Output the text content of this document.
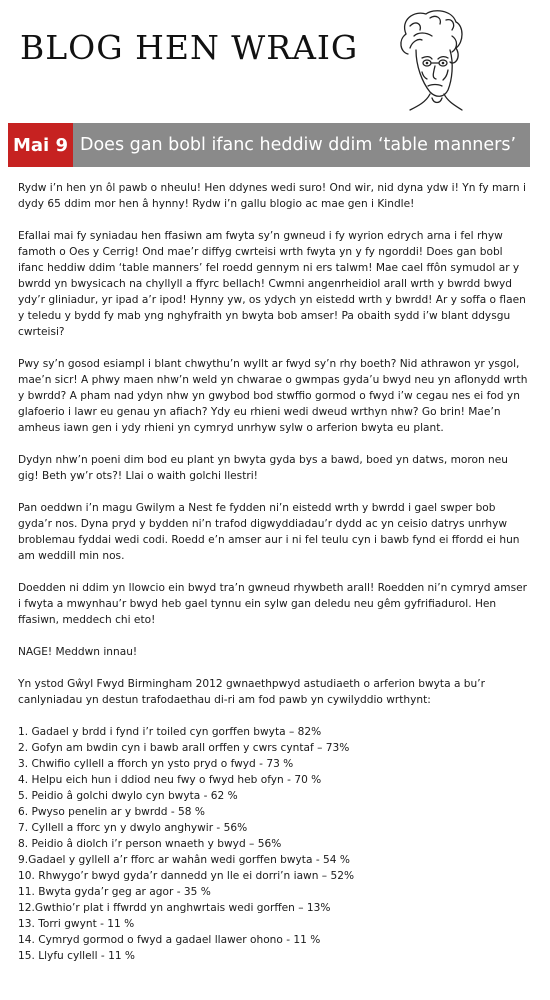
BLOG HEN WRAIG
Mai 9 Does gan bobl ifanc heddiw ddim ‘table manners’

Rydw i’n hen yn ôl pawb o nheulu! Hen ddynes wedi suro! Ond wir, nid dyna ydw i! Yn fy marn i dydy 65 ddim mor hen â hynny! Rydw i’n gallu blogio ac mae gen i Kindle!

Efallai mai fy syniadau hen ffasiwn am fwyta sy’n gwneud i fy wyrion edrych arna i fel rhyw famoth o Oes y Cerrig! Ond mae’r diffyg cwrteisi wrth fwyta yn y fy ngorddi! Does gan bobl ifanc heddiw ddim ‘table manners’ fel roedd gennym ni ers talwm! Mae cael ffôn symudol ar y bwrdd yn bwysicach na chyllyll a ffyrc bellach! Cwmni angenrheidiol arall wrth y bwrdd bwyd ydy’r gliniadur, yr ipad a’r ipod! Hynny yw, os ydych yn eistedd wrth y bwrdd! Ar y soffa o flaen y teledu y bydd fy mab yng nghyfraith yn bwyta bob amser! Pa obaith sydd i’w blant ddysgu cwrteisi?

Pwy sy’n gosod esiampl i blant chwythu’n wyllt ar fwyd sy’n rhy boeth? Nid athrawon yr ysgol, mae’n sicr! A phwy maen nhw’n weld yn chwarae o gwmpas gyda’u bwyd neu yn aflonydd wrth y bwrdd? A pham nad ydyn nhw yn gwybod bod stwffio gormod o fwyd i’w cegau nes ei fod yn glafoerio i lawr eu genau yn afiach? Ydy eu rhieni wedi dweud wrthyn nhw? Go brin! Mae’n amheus iawn gen i ydy rhieni yn cymryd unrhyw sylw o arferion bwyta eu plant.

Dydyn nhw’n poeni dim bod eu plant yn bwyta gyda bys a bawd, boed yn datws, moron neu gig! Beth yw’r ots?! Llai o waith golchi llestri!

Pan oeddwn i’n magu Gwilym a Nest fe fydden ni’n eistedd wrth y bwrdd i gael swper bob gyda’r nos. Dyna pryd y bydden ni’n trafod digwyddiadau’r dydd ac yn ceisio datrys unrhyw broblemau fyddai wedi codi. Roedd e’n amser aur i ni fel teulu cyn i bawb fynd ei ffordd ei hun am weddill min nos.

Doedden ni ddim yn llowcio ein bwyd tra’n gwneud rhywbeth arall! Roedden ni’n cymryd amser i fwyta a mwynhau’r bwyd heb gael tynnu ein sylw gan deledu neu gêm gyfrifiadurol. Hen ffasiwn, meddech chi eto!

NAGE! Meddwn innau!

Yn ystod Gŵyl Fwyd Birmingham 2012 gwnaethpwyd astudiaeth o arferion bwyta a bu’r canlyniadau yn destun trafodaethau di-ri am fod pawb yn cywilyddio wrthynt:

1. Gadael y brdd i fynd i’r toiled cyn gorffen bwyta – 82%
2. Gofyn am bwdin cyn i bawb arall orffen y cwrs cyntaf – 73%
3. Chwifio cyllell a fforch yn ysto pryd o fwyd - 73 %
4. Helpu eich hun i ddiod neu fwy o fwyd heb ofyn - 70 %
5. Peidio â golchi dwylo cyn bwyta - 62 %
6. Pwyso penelin ar y bwrdd - 58 %
7. Cyllell a fforc yn y dwylo anghywir - 56%
8. Peidio â diolch i’r person wnaeth y bwyd – 56%
9.Gadael y gyllell a’r fforc ar wahân wedi gorffen bwyta - 54 %
10. Rhwygo’r bwyd gyda’r dannedd yn lle ei dorri’n iawn – 52%
11. Bwyta gyda’r geg ar agor - 35 %
12.Gwthio’r plat i ffwrdd yn anghwrtais wedi gorffen – 13%
13. Torri gwynt - 11 %
14. Cymryd gormod o fwyd a gadael llawer ohono - 11 %
15. Llyfu cyllell - 11 %
